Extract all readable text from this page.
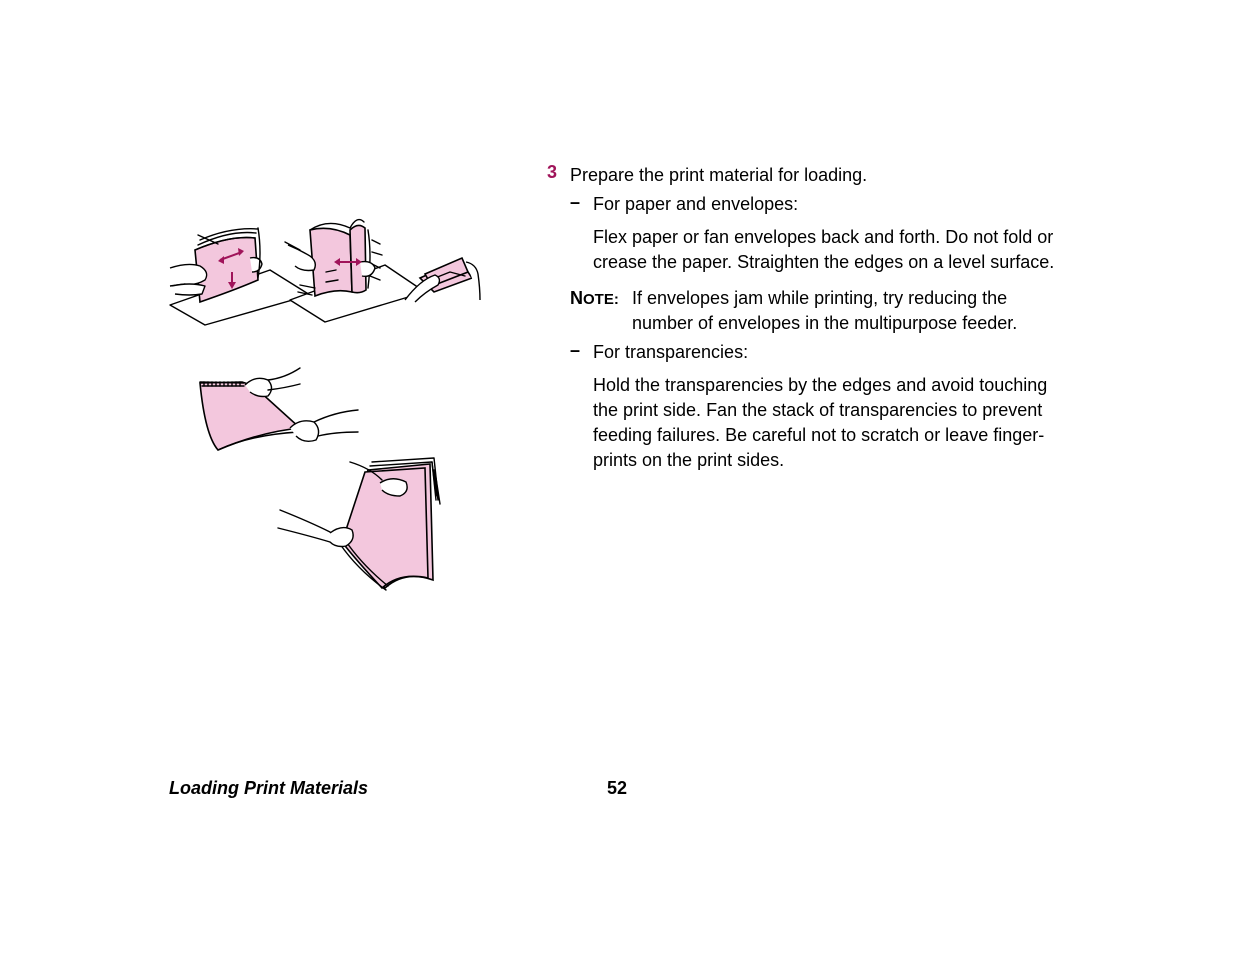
3 Prepare the print material for loading.
– For paper and envelopes:
Flex paper or fan envelopes back and forth. Do not fold or
crease the paper. Straighten the edges on a level surface.
NOTE: If envelopes jam while printing, try reducing the
number of envelopes in the multipurpose feeder.
– For transparencies:
Hold the transparencies by the edges and avoid touching
the print side. Fan the stack of transparencies to prevent
feeding failures. Be careful not to scratch or leave finger-
prints on the print sides.
Loading Print Materials	52
